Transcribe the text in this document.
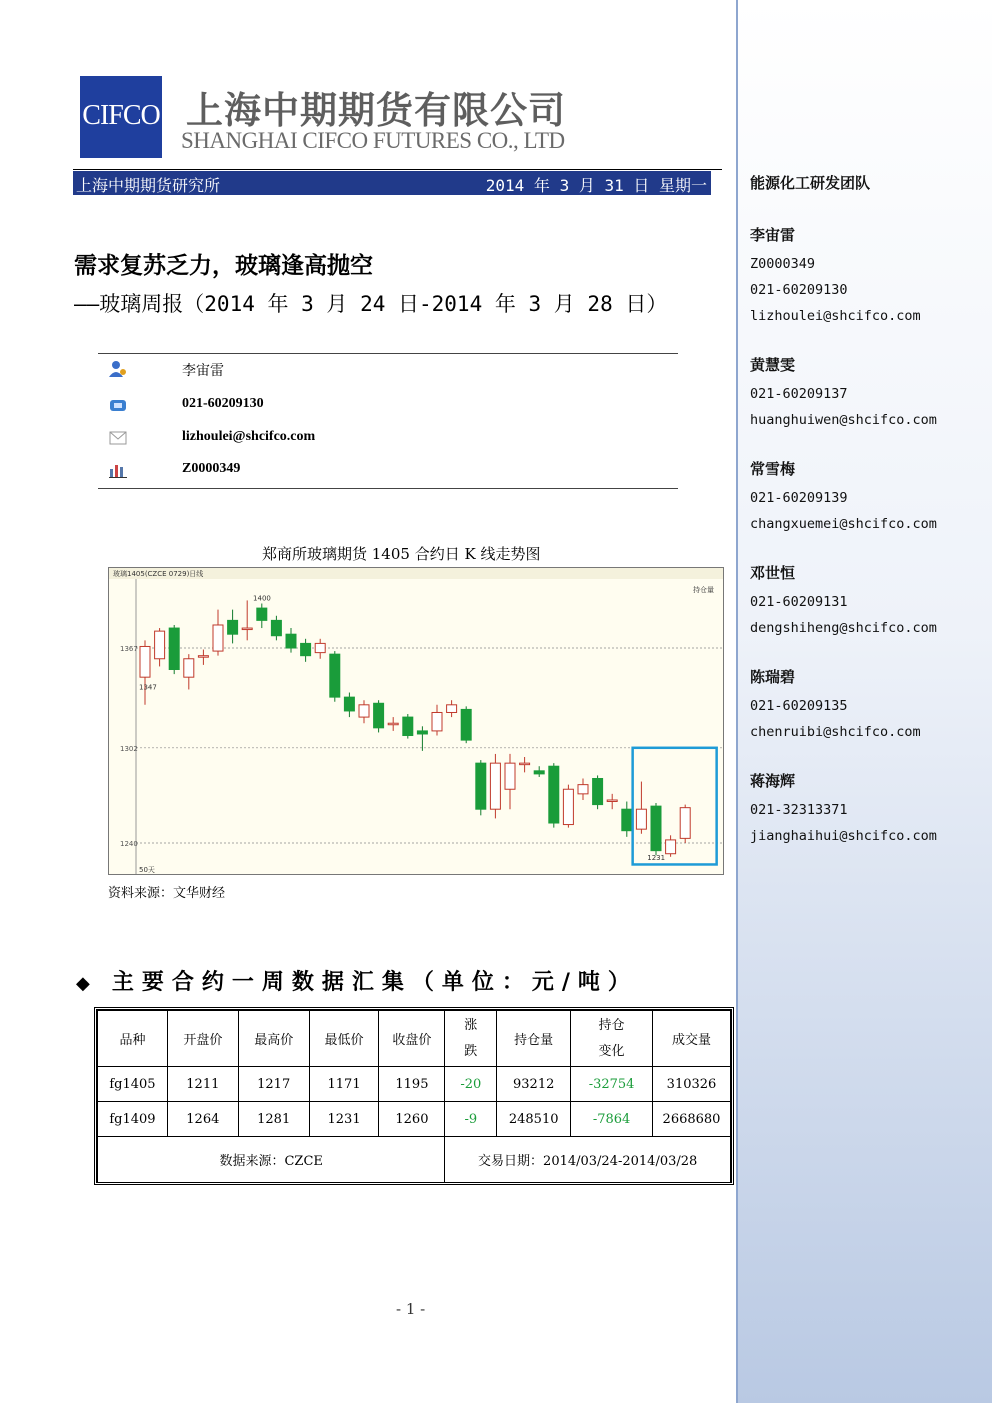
CIFCO 上海中期期货有限公司
SHANGHAI CIFCO FUTURES CO., LTD
上海中期期货研究所	2014 年 3 月 31 日 星期一
需求复苏乏力，玻璃逢高抛空
——玻璃周报（2014 年 3 月 24 日-2014 年 3 月 28 日）
李宙雷
021-60209130
lizhoulei@shcifco.com
Z0000349
郑商所玻璃期货 1405 合约日 K 线走势图
玻璃1405(CZCE 0729)日线
持仓量
1367
1302
1240
1400
1347
1231
50天
资料来源：文华财经
◆ 主要合约一周数据汇集（单位：元/吨）
品种	开盘价	最高价	最低价	收盘价	涨跌	持仓量	持仓变化	成交量
fg1405	1211	1217	1171	1195	-20	93212	-32754	310326
fg1409	1264	1281	1231	1260	-9	248510	-7864	2668680
数据来源：CZCE					交易日期：2014/03/24-2014/03/28			
- 1 -
能源化工研发团队
李宙雷
Z0000349
021-60209130
lizhoulei@shcifco.com
黄慧雯
021-60209137
huanghuiwen@shcifco.com
常雪梅
021-60209139
changxuemei@shcifco.com
邓世恒
021-60209131
dengshiheng@shcifco.com
陈瑞碧
021-60209135
chenruibi@shcifco.com
蒋海辉
021-32313371
jianghaihui@shcifco.com
